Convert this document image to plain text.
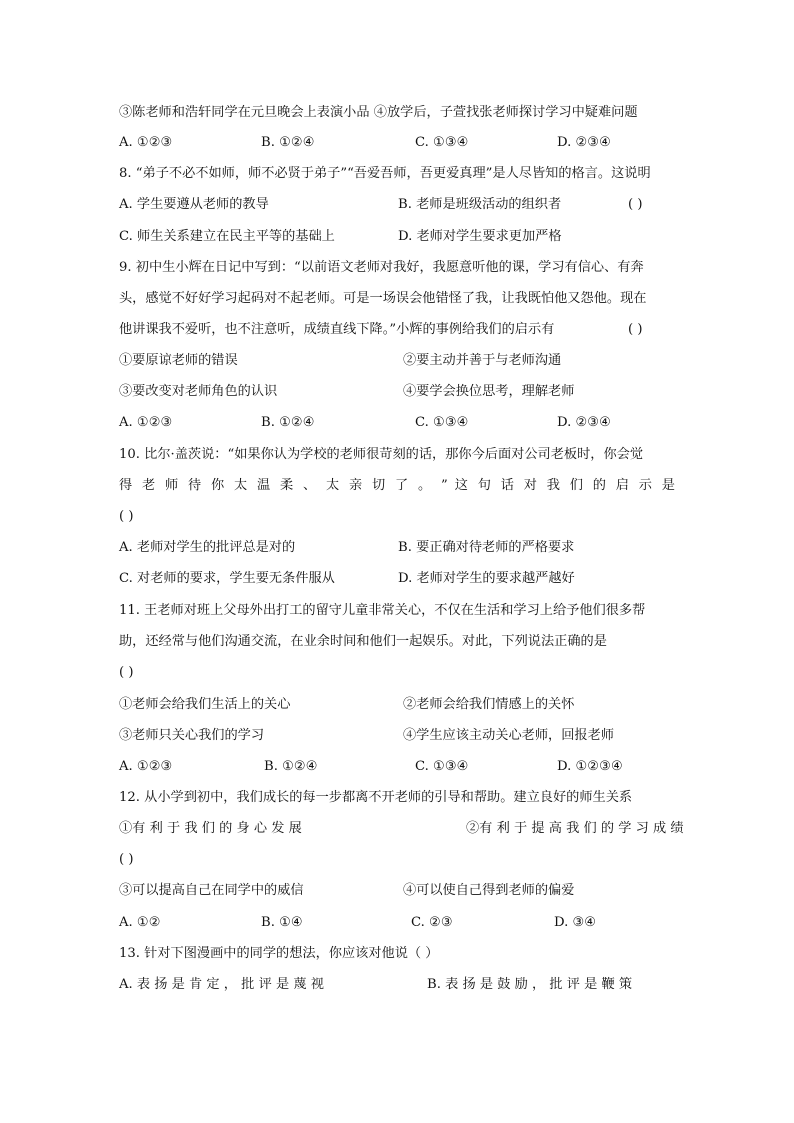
③陈老师和浩轩同学在元旦晚会上表演小品 ④放学后，子萱找张老师探讨学习中疑难问题
A. ①②③	B. ①②④	C. ①③④	D. ②③④
8. “弟子不必不如师，师不必贤于弟子”“吾爱吾师，吾更爱真理”是人尽皆知的格言。这说明
A. 学生要遵从老师的教导	B. 老师是班级活动的组织者	( )
C. 师生关系建立在民主平等的基础上	D. 老师对学生要求更加严格
9. 初中生小辉在日记中写到：“以前语文老师对我好，我愿意听他的课，学习有信心、有奔
头，感觉不好好学习起码对不起老师。可是一场误会他错怪了我，让我既怕他又怨他。现在
他讲课我不爱听，也不注意听，成绩直线下降。”小辉的事例给我们的启示有	( )
①要原谅老师的错误	②要主动并善于与老师沟通
③要改变对老师角色的认识	④要学会换位思考，理解老师
A. ①②③	B. ①②④	C. ①③④	D. ②③④
10. 比尔·盖茨说：“如果你认为学校的老师很苛刻的话，那你今后面对公司老板时，你会觉
得 老 师 待 你 太 温 柔 、 太 亲 切 了 。 ” 这 句 话 对 我 们 的 启 示 是
( )
A. 老师对学生的批评总是对的	B. 要正确对待老师的严格要求
C. 对老师的要求，学生要无条件服从	D. 老师对学生的要求越严越好
11. 王老师对班上父母外出打工的留守儿童非常关心，不仅在生活和学习上给予他们很多帮
助，还经常与他们沟通交流，在业余时间和他们一起娱乐。对此，下列说法正确的是
( )
①老师会给我们生活上的关心	②老师会给我们情感上的关怀
③老师只关心我们的学习	④学生应该主动关心老师，回报老师
A. ①②③	B. ①②④	C. ①③④	D. ①②③④
12. 从小学到初中，我们成长的每一步都离不开老师的引导和帮助。建立良好的师生关系
①有 利 于 我 们 的 身 心 发 展	②有 利 于 提 高 我 们 的 学 习 成 绩
( )
③可以提高自己在同学中的威信	④可以使自己得到老师的偏爱
A. ①②	B. ①④	C. ②③	D. ③④
13. 针对下图漫画中的同学的想法，你应该对他说（ ）
A. 表 扬 是 肯 定 ， 批 评 是 蔑 视	B. 表 扬 是 鼓 励 ， 批 评 是 鞭 策
